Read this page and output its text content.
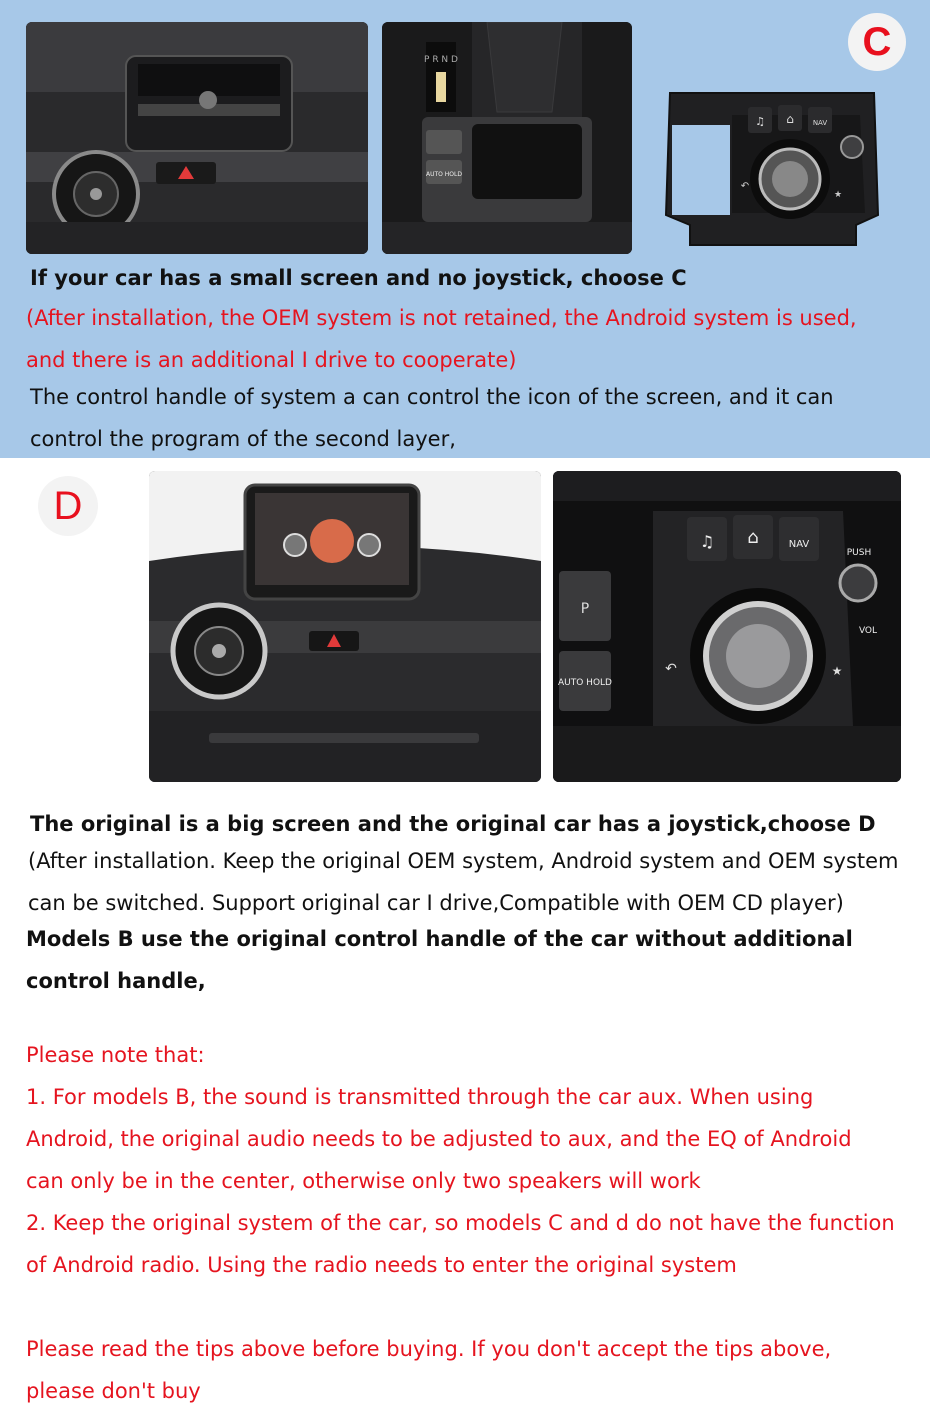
P R N D
AUTO HOLD
♫ ⌂	NAV
↶
★
C
If your car has a small screen and no joystick, choose C
(After installation, the OEM system is not retained, the Android system is used,
and there is an additional I drive to cooperate)
The control handle of system a can control the icon of the screen, and it can
control the program of the second layer,
P
AUTO HOLD
♫ ⌂	NAV
PUSH
VOL
↶	★
The original is a big screen and the original car has a joystick,choose D
(After installation. Keep the original OEM system, Android system and OEM system
can be switched. Support original car I drive,Compatible with OEM CD player)
Models B use the original control handle of the car without additional
control handle,
Please note that:
1. For models B, the sound is transmitted through the car aux. When using
Android, the original audio needs to be adjusted to aux, and the EQ of Android
can only be in the center, otherwise only two speakers will work
2. Keep the original system of the car, so models C and d do not have the function
of Android radio. Using the radio needs to enter the original system
Please read the tips above before buying. If you don't accept the tips above,
please don't buy
D
